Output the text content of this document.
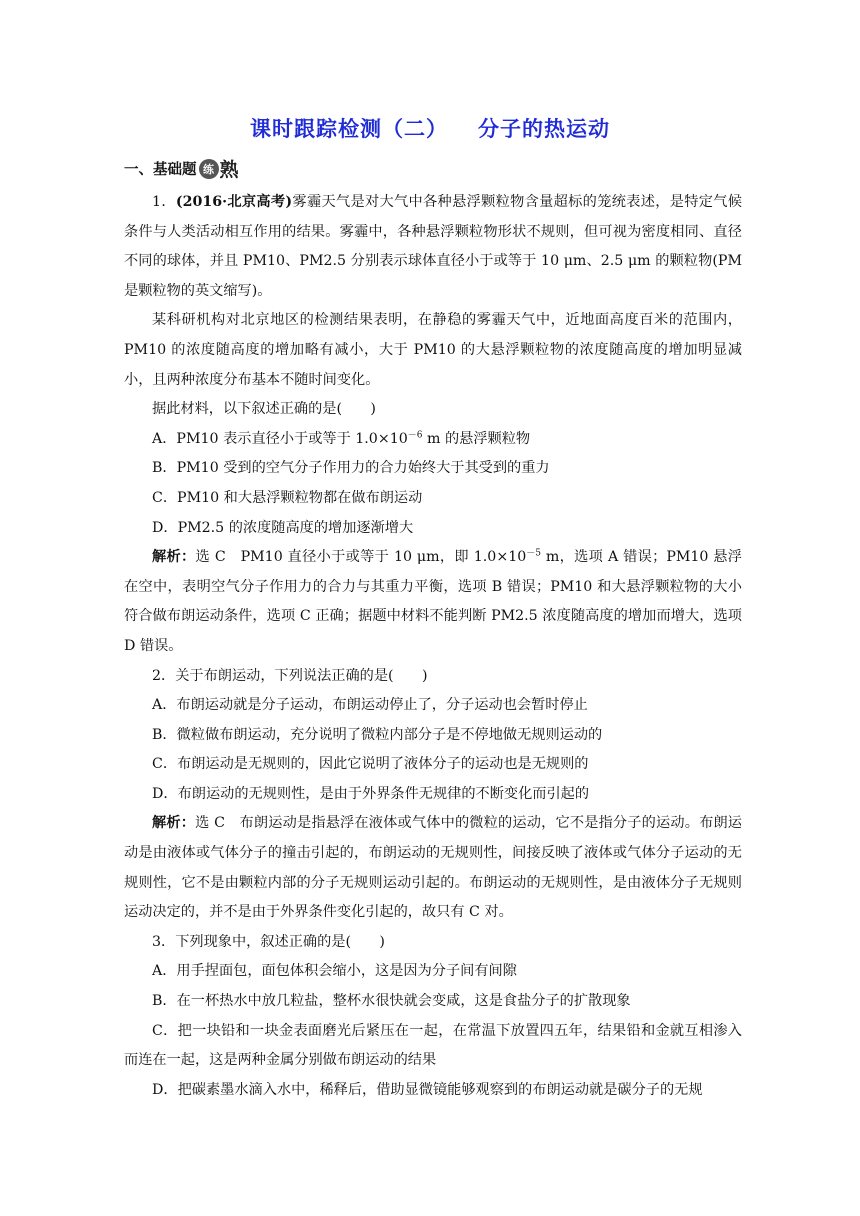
课时跟踪检测（二） 分子的热运动
一、基础题 练 熟

1．(2016·北京高考)雾霾天气是对大气中各种悬浮颗粒物含量超标的笼统表述，是特定气候条件与人类活动相互作用的结果。雾霾中，各种悬浮颗粒物形状不规则，但可视为密度相同、直径不同的球体，并且 PM10、PM2.5 分别表示球体直径小于或等于 10 μm、2.5 μm 的颗粒物(PM 是颗粒物的英文缩写)。

某科研机构对北京地区的检测结果表明，在静稳的雾霾天气中，近地面高度百米的范围内，PM10 的浓度随高度的增加略有减小，大于 PM10 的大悬浮颗粒物的浓度随高度的增加明显减小，且两种浓度分布基本不随时间变化。

据此材料，以下叙述正确的是(　　)

A．PM10 表示直径小于或等于 $1.0\times 10^{-6}$ m 的悬浮颗粒物

B．PM10 受到的空气分子作用力的合力始终大于其受到的重力

C．PM10 和大悬浮颗粒物都在做布朗运动

D．PM2.5 的浓度随高度的增加逐渐增大

解析：选 C　PM10 直径小于或等于 10 μm，即 $1.0\times 10^{-5}$ m，选项 A 错误；PM10 悬浮在空中，表明空气分子作用力的合力与其重力平衡，选项 B 错误；PM10 和大悬浮颗粒物的大小符合做布朗运动条件，选项 C 正确；据题中材料不能判断 PM2.5 浓度随高度的增加而增大，选项 D 错误。

2．关于布朗运动，下列说法正确的是(　　)

A．布朗运动就是分子运动，布朗运动停止了，分子运动也会暂时停止

B．微粒做布朗运动，充分说明了微粒内部分子是不停地做无规则运动的

C．布朗运动是无规则的，因此它说明了液体分子的运动也是无规则的

D．布朗运动的无规则性，是由于外界条件无规律的不断变化而引起的

解析：选 C　布朗运动是指悬浮在液体或气体中的微粒的运动，它不是指分子的运动。布朗运动是由液体或气体分子的撞击引起的，布朗运动的无规则性，间接反映了液体或气体分子运动的无规则性，它不是由颗粒内部的分子无规则运动引起的。布朗运动的无规则性，是由液体分子无规则运动决定的，并不是由于外界条件变化引起的，故只有 C 对。

3．下列现象中，叙述正确的是(　　)

A．用手捏面包，面包体积会缩小，这是因为分子间有间隙

B．在一杯热水中放几粒盐，整杯水很快就会变咸，这是食盐分子的扩散现象

C．把一块铅和一块金表面磨光后紧压在一起，在常温下放置四五年，结果铅和金就互相渗入而连在一起，这是两种金属分别做布朗运动的结果

D．把碳素墨水滴入水中，稀释后，借助显微镜能够观察到的布朗运动就是碳分子的无规
